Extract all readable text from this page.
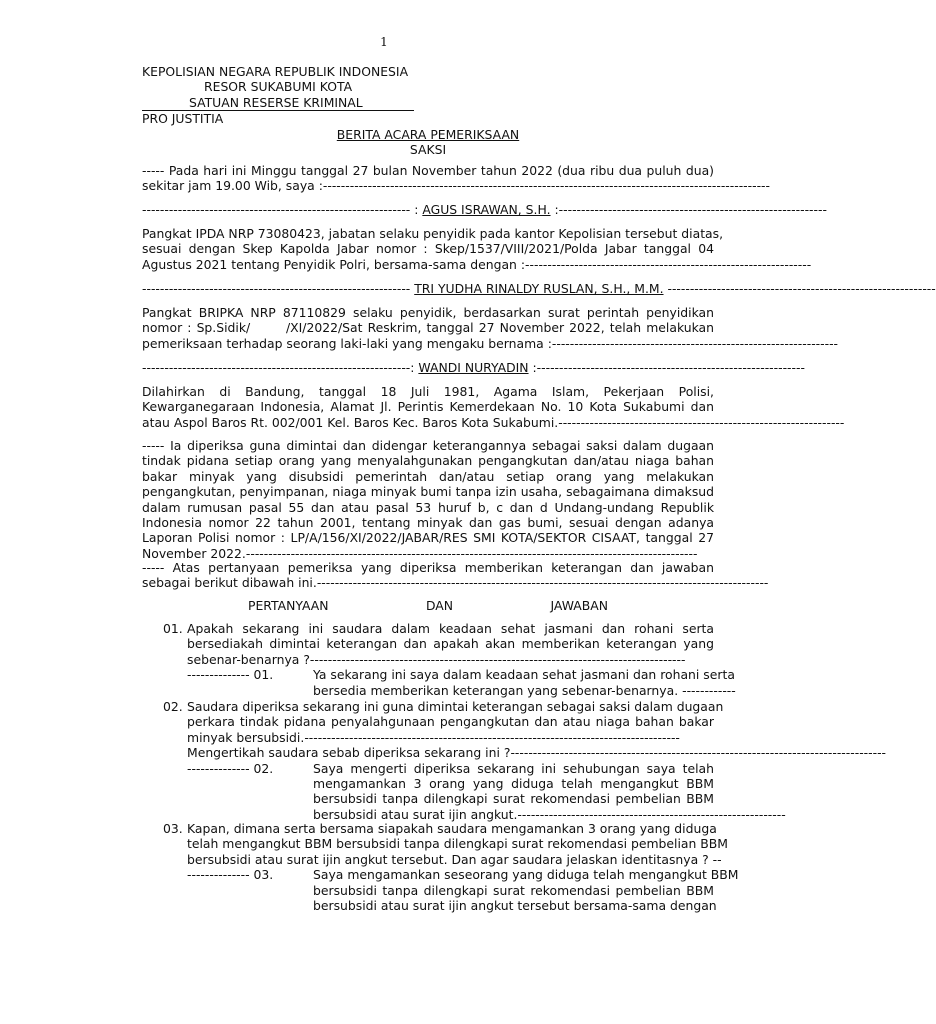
1
KEPOLISIAN NEGARA REPUBLIK INDONESIA
RESOR SUKABUMI KOTA
SATUAN RESERSE KRIMINAL
PRO JUSTITIA
BERITA ACARA PEMERIKSAAN
SAKSI
----- Pada hari ini Minggu tanggal 27 bulan November tahun 2022 (dua ribu dua puluh dua)
sekitar jam 19.00 Wib, saya : ----------------------------------------------------------------------------------------------------
------------------------------------------------------------ : AGUS ISRAWAN, S.H. : ------------------------------------------------------------
Pangkat IPDA NRP 73080423, jabatan selaku penyidik pada kantor Kepolisian tersebut diatas,
sesuai dengan Skep Kapolda Jabar nomor : Skep/1537/VIII/2021/Polda Jabar tanggal 04
Agustus 2021 tentang Penyidik Polri, bersama-sama dengan : ----------------------------------------------------------------
------------------------------------------------------------
TRI YUDHA RINALDY RUSLAN, S.H., M.M.
------------------------------------------------------------
Pangkat BRIPKA NRP 87110829 selaku penyidik, berdasarkan surat perintah penyidikan
nomor : Sp.Sidik/       /XI/2022/Sat Reskrim, tanggal 27 November 2022, telah melakukan
pemeriksaan terhadap seorang laki-laki yang mengaku bernama : ----------------------------------------------------------------
------------------------------------------------------------ : WANDI NURYADIN : ------------------------------------------------------------
Dilahirkan di Bandung, tanggal 18 Juli 1981, Agama Islam, Pekerjaan Polisi,
Kewarganegaraan Indonesia, Alamat Jl. Perintis Kemerdekaan No. 10 Kota Sukabumi dan
atau Aspol Baros Rt. 002/001 Kel. Baros Kec. Baros Kota Sukabumi. ----------------------------------------------------------------
----- Ia diperiksa guna dimintai dan didengar keterangannya sebagai saksi dalam dugaan
tindak pidana setiap orang yang menyalahgunakan pengangkutan dan/atau niaga bahan
bakar minyak yang disubsidi pemerintah dan/atau setiap orang yang melakukan
pengangkutan, penyimpanan, niaga minyak bumi tanpa izin usaha, sebagaimana dimaksud
dalam rumusan pasal 55 dan atau pasal 53 huruf b, c dan d Undang-undang Republik
Indonesia nomor 22 tahun 2001, tentang minyak dan gas bumi, sesuai dengan adanya
Laporan Polisi nomor : LP/A/156/XI/2022/JABAR/RES SMI KOTA/SEKTOR CISAAT, tanggal 27
November 2022. -----------------------------------------------------------------------------------------------------
----- Atas pertanyaan pemeriksa yang diperiksa memberikan keterangan dan jawaban
sebagai berikut dibawah ini. -----------------------------------------------------------------------------------------------------
PERTANYAAN	DAN	JAWABAN
01. Apakah sekarang ini saudara dalam keadaan sehat jasmani dan rohani serta
bersediakah dimintai keterangan dan apakah akan memberikan keterangan yang
sebenar-benarnya ? ------------------------------------------------------------------------------------
-------------- 01.	Ya sekarang ini saya dalam keadaan sehat jasmani dan rohani serta
bersedia memberikan keterangan yang sebenar-benarnya. ------------
02. Saudara diperiksa sekarang ini guna dimintai keterangan sebagai saksi dalam dugaan
perkara tindak pidana penyalahgunaan pengangkutan dan atau niaga bahan bakar
minyak bersubsidi. ------------------------------------------------------------------------------------
Mengertikah saudara sebab diperiksa sekarang ini ? ------------------------------------------------------------------------------------
-------------- 02.	Saya mengerti diperiksa sekarang ini sehubungan saya telah
mengamankan 3 orang yang diduga telah mengangkut BBM
bersubsidi tanpa dilengkapi surat rekomendasi pembelian BBM
bersubsidi atau surat ijin angkut. ------------------------------------------------------------
03. Kapan, dimana serta bersama siapakah saudara mengamankan 3 orang yang diduga
telah mengangkut BBM bersubsidi tanpa dilengkapi surat rekomendasi pembelian BBM
bersubsidi atau surat ijin angkut tersebut. Dan agar saudara jelaskan identitasnya ? --
-------------- 03.	Saya mengamankan seseorang yang diduga telah mengangkut BBM
bersubsidi tanpa dilengkapi surat rekomendasi pembelian BBM
bersubsidi atau surat ijin angkut tersebut bersama-sama dengan
